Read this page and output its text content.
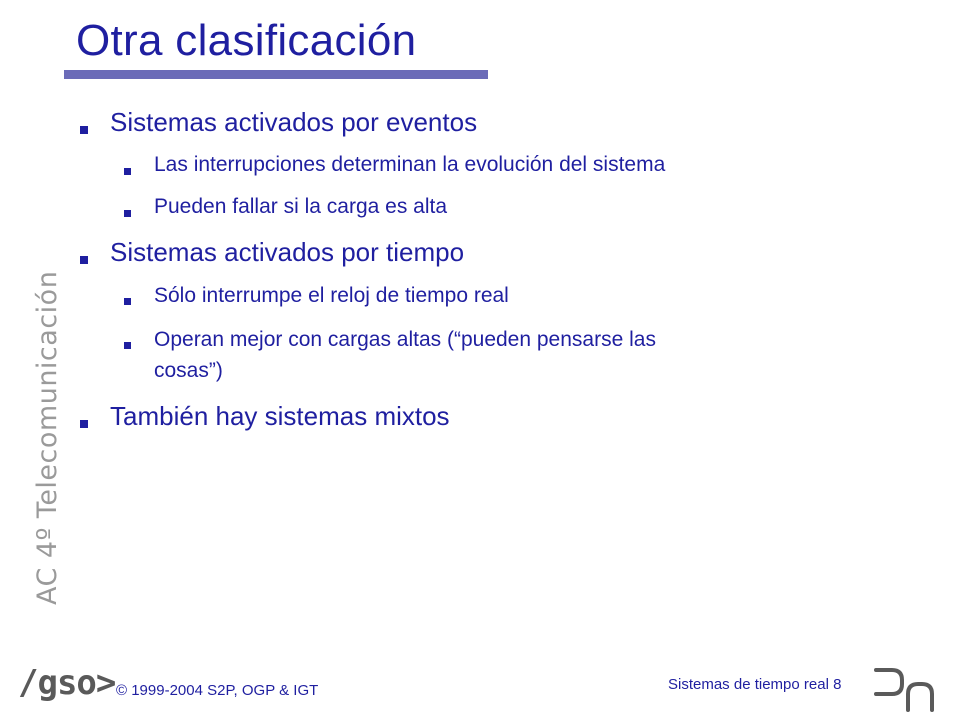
Otra clasificación
AC 4º Telecomunicación
Sistemas activados por eventos
Las interrupciones determinan la evolución del sistema
Pueden fallar si la carga es alta
Sistemas activados por tiempo
Sólo interrumpe el reloj de tiempo real
Operan mejor con cargas altas (“pueden pensarse las
cosas”)
También hay sistemas mixtos
/gso> © 1999-2004 S2P, OGP & IGT	Sistemas de tiempo real 8
